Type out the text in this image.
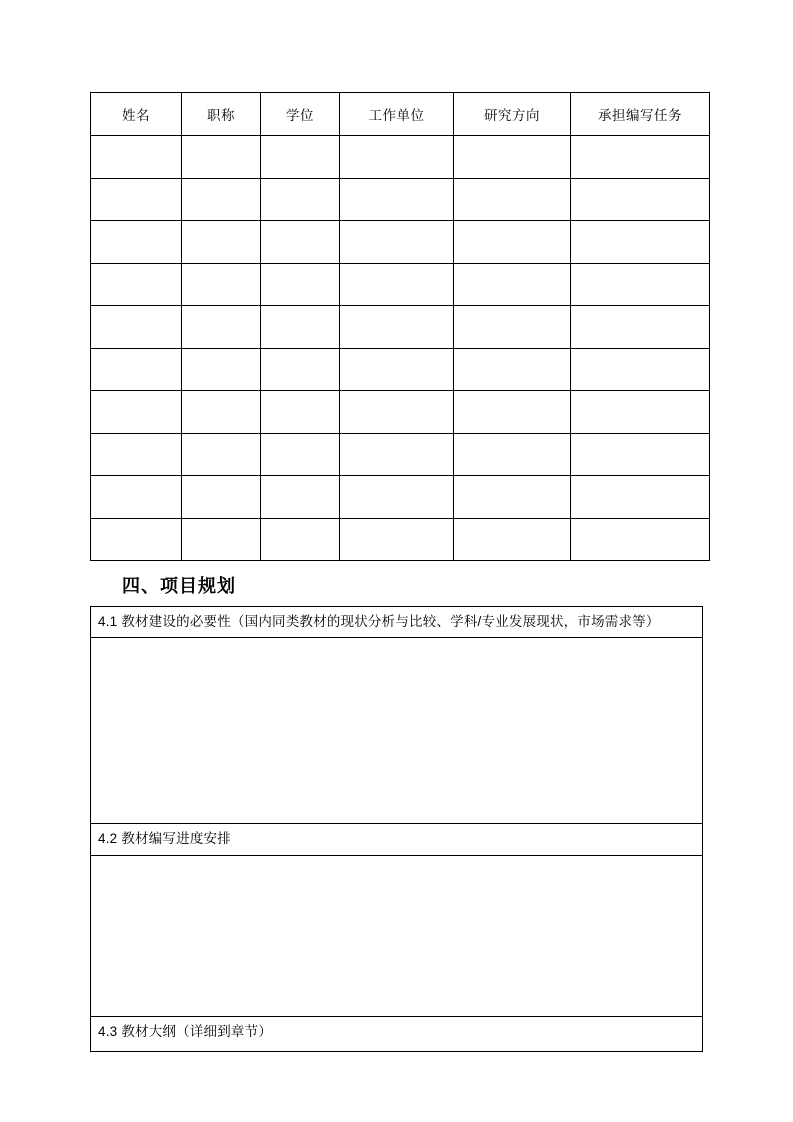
姓名	职称	学位	工作单位	研究方向	承担编写任务

四、项目规划
4.1 教材建设的必要性（国内同类教材的现状分析与比较、学科/专业发展现状，市场需求等）

4.2 教材编写进度安排

4.3 教材大纲（详细到章节）
